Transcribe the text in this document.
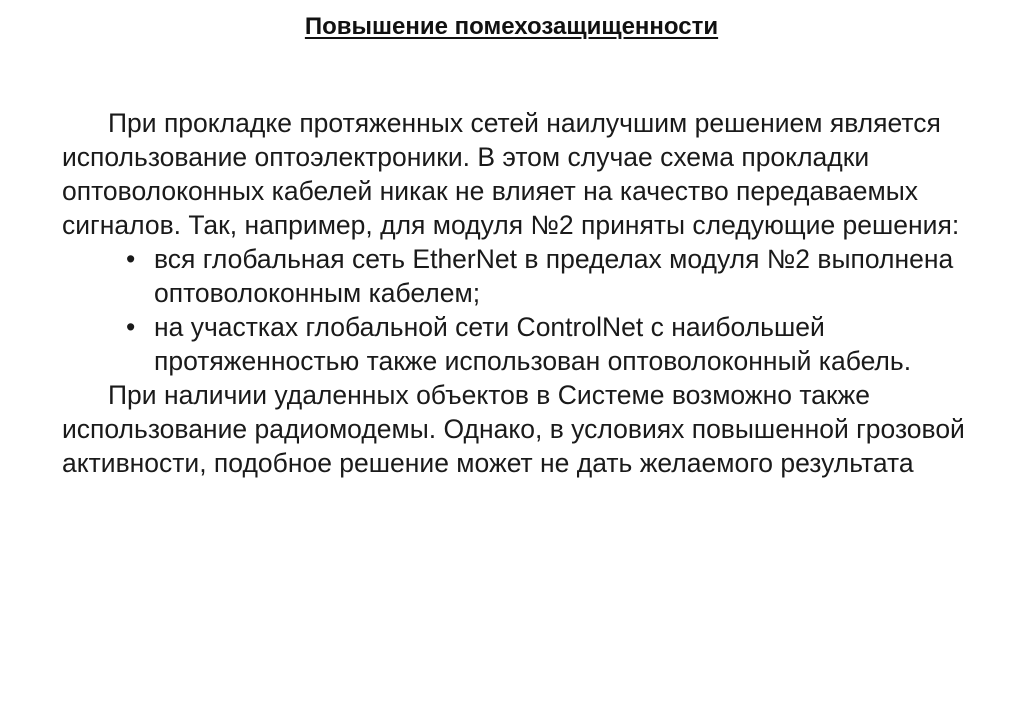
Повышение помехозащищенности

При прокладке протяженных сетей наилучшим решением является использование оптоэлектроники. В этом случае схема прокладки оптоволоконных кабелей никак не влияет на качество передаваемых сигналов. Так, например, для модуля №2 приняты следующие решения:

• вся глобальная сеть EtherNet в пределах модуля №2 выполнена оптоволоконным кабелем;
• на участках глобальной сети ControlNet с наибольшей протяженностью также использован оптоволоконный кабель.

При наличии удаленных объектов в Системе возможно также использование радиомодемы. Однако, в условиях повышенной грозовой активности, подобное решение может не дать желаемого результата
